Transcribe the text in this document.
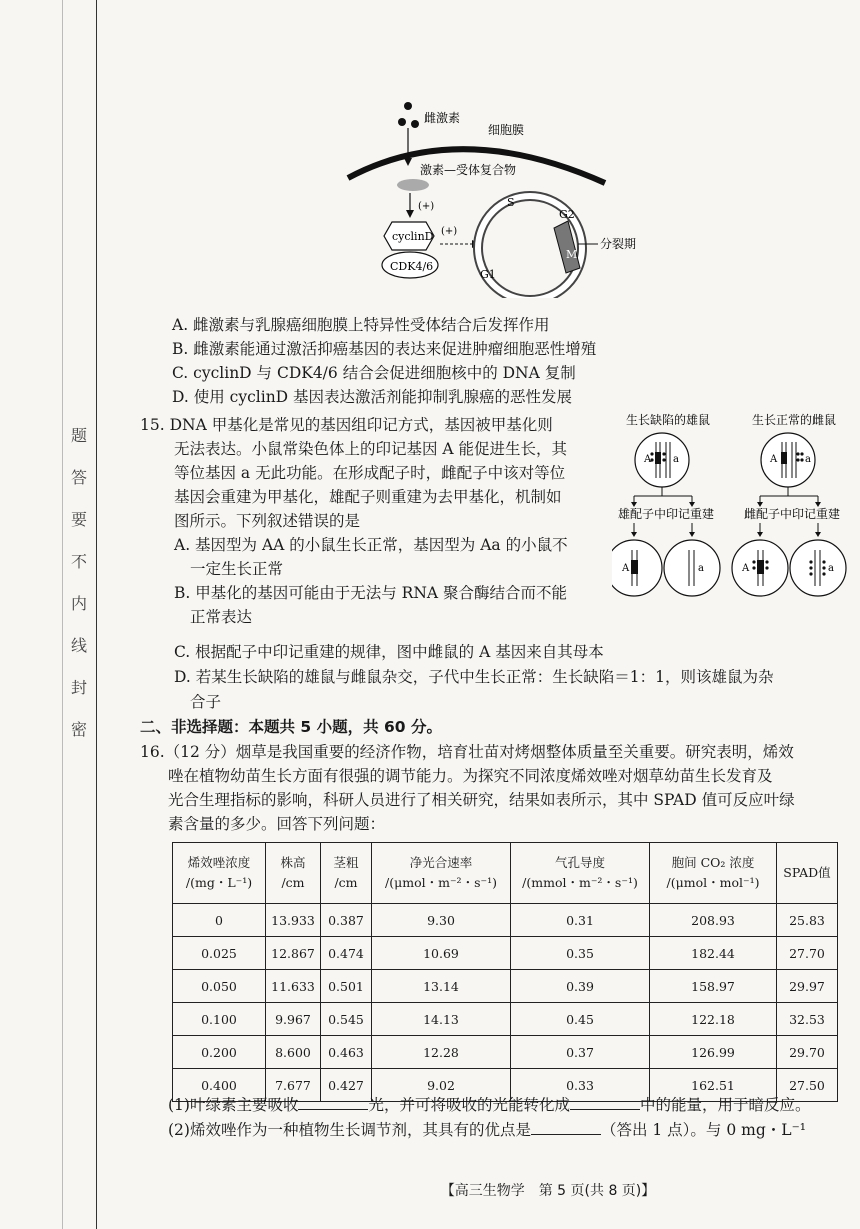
题
答
要
不
内
线
封
密
雌激素
细胞膜
激素—受体复合物
(+)
cyclinD
CDK4/6
(+)
S
G2
M
G1
分裂期
A. 雌激素与乳腺癌细胞膜上特异性受体结合后发挥作用
B. 雌激素能通过激活抑癌基因的表达来促进肿瘤细胞恶性增殖
C. cyclinD 与 CDK4/6 结合会促进细胞核中的 DNA 复制
D. 使用 cyclinD 基因表达激活剂能抑制乳腺癌的恶性发展

15. DNA 甲基化是常见的基因组印记方式，基因被甲基化则

无法表达。小鼠常染色体上的印记基因 A 能促进生长，其

等位基因 a 无此功能。在形成配子时，雌配子中该对等位

基因会重建为甲基化，雄配子则重建为去甲基化，机制如

图所示。下列叙述错误的是

A. 基因型为 AA 的小鼠生长正常，基因型为 Aa 的小鼠不

一定生长正常

B. 甲基化的基因可能由于无法与 RNA 聚合酶结合而不能

正常表达

生长缺陷的雄鼠	生长正常的雌鼠
A a	A	a
雄配子中印记重建 雌配子中印记重建
A	a	A	a

C. 根据配子中印记重建的规律，图中雌鼠的 A 基因来自其母本

D. 若某生长缺陷的雄鼠与雌鼠杂交，子代中生长正常：生长缺陷＝1：1，则该雄鼠为杂

合子

二、非选择题：本题共 5 小题，共 60 分。

16.（12 分）烟草是我国重要的经济作物，培育壮苗对烤烟整体质量至关重要。研究表明，烯效

唑在植物幼苗生长方面有很强的调节能力。为探究不同浓度烯效唑对烟草幼苗生长发育及

光合生理指标的影响，科研人员进行了相关研究，结果如表所示，其中 SPAD 值可反应叶绿

素含量的多少。回答下列问题：

烯效唑浓度
/(mg・L⁻¹)	株高
/cm	茎粗
/cm	净光合速率
/(μmol・m⁻²・s⁻¹)	气孔导度
/(mmol・m⁻²・s⁻¹)	胞间 CO₂ 浓度
/(μmol・mol⁻¹)	SPAD值
0	13.933	0.387	9.30	0.31	208.93	25.83
0.025	12.867	0.474	10.69	0.35	182.44	27.70
0.050	11.633	0.501	13.14	0.39	158.97	29.97
0.100	9.967	0.545	14.13	0.45	122.18	32.53
0.200	8.600	0.463	12.28	0.37	126.99	29.70
0.400	7.677	0.427	9.02	0.33	162.51	27.50
(1)叶绿素主要吸收	光，并可将吸收的光能转化成	中的能量，用于暗反应。
(2)烯效唑作为一种植物生长调节剂，其具有的优点是	（答出 1 点）。与 0 mg・L⁻¹
【高三生物学　第 5 页(共 8 页)】
